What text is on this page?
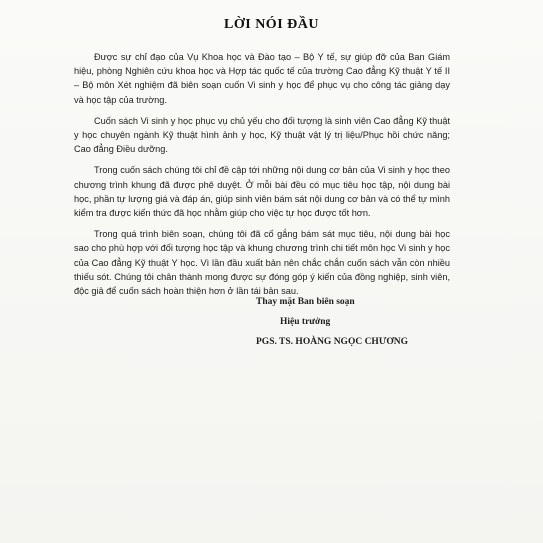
LỜI NÓI ĐẦU

Được sự chỉ đạo của Vụ Khoa học và Đào tạo – Bộ Y tế, sự giúp đỡ của Ban Giám hiệu, phòng Nghiên cứu khoa học và Hợp tác quốc tế của trường Cao đẳng Kỹ thuật Y tế II – Bộ môn Xét nghiệm đã biên soạn cuốn Vi sinh y học để phục vụ cho công tác giảng dạy và học tập của trường.

Cuốn sách Vi sinh y học phục vụ chủ yếu cho đối tượng là sinh viên Cao đẳng Kỹ thuật y học chuyên ngành Kỹ thuật hình ảnh y học, Kỹ thuật vật lý trị liệu/Phục hồi chức năng; Cao đẳng Điều dưỡng.

Trong cuốn sách chúng tôi chỉ đề cập tới những nội dung cơ bản của Vi sinh y học theo chương trình khung đã được phê duyệt. Ở mỗi bài đều có mục tiêu học tập, nội dung bài học, phần tự lượng giá và đáp án, giúp sinh viên bám sát nội dung cơ bản và có thể tự mình kiểm tra được kiến thức đã học nhằm giúp cho việc tự học được tốt hơn.

Trong quá trình biên soạn, chúng tôi đã cố gắng bám sát mục tiêu, nội dung bài học sao cho phù hợp với đối tượng học tập và khung chương trình chi tiết môn học Vi sinh y học của Cao đẳng Kỹ thuật Y học. Vì lần đầu xuất bản nên chắc chắn cuốn sách vẫn còn nhiều thiếu sót. Chúng tôi chân thành mong được sự đóng góp ý kiến của đồng nghiệp, sinh viên, độc giả để cuốn sách hoàn thiện hơn ở lần tái bản sau.

Thay mặt Ban biên soạn
Hiệu trưởng
PGS. TS. HOÀNG NGỌC CHƯƠNG
